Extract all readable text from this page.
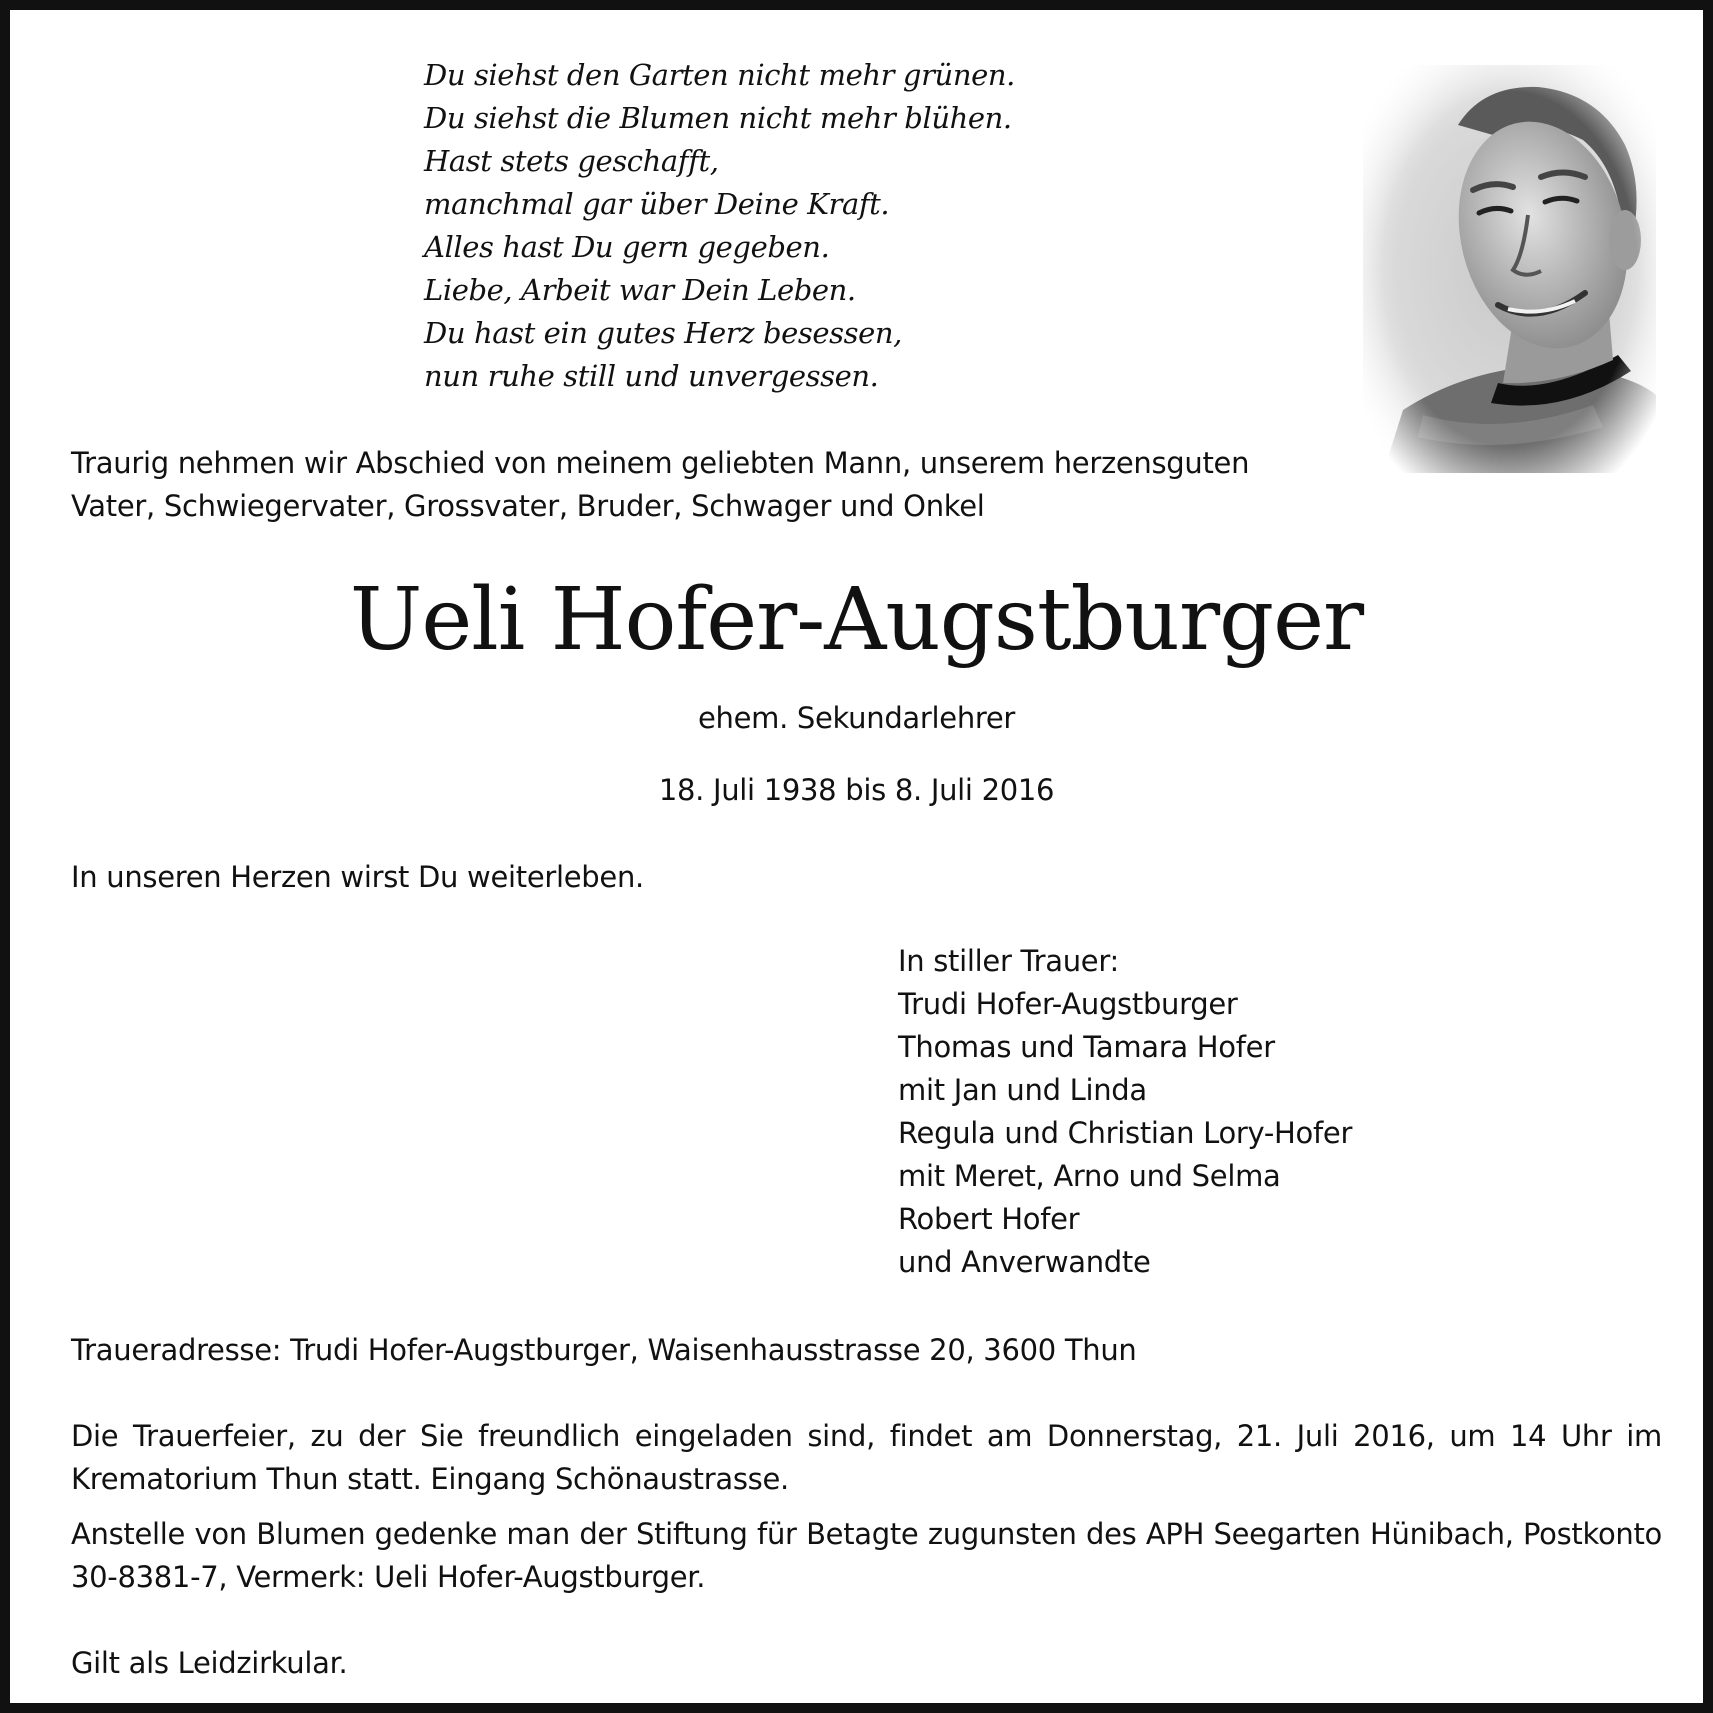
Du siehst den Garten nicht mehr grünen.
Du siehst die Blumen nicht mehr blühen.
Hast stets geschafft,
manchmal gar über Deine Kraft.
Alles hast Du gern gegeben.
Liebe, Arbeit war Dein Leben.
Du hast ein gutes Herz besessen,
nun ruhe still und unvergessen.
Traurig nehmen wir Abschied von meinem geliebten Mann, unserem herzensguten
Vater, Schwiegervater, Grossvater, Bruder, Schwager und Onkel
Ueli Hofer-Augstburger
ehem. Sekundarlehrer
18. Juli 1938 bis 8. Juli 2016
In unseren Herzen wirst Du weiterleben.
In stiller Trauer:
Trudi Hofer-Augstburger
Thomas und Tamara Hofer
mit Jan und Linda
Regula und Christian Lory-Hofer
mit Meret, Arno und Selma
Robert Hofer
und Anverwandte
Traueradresse: Trudi Hofer-Augstburger, Waisenhausstrasse 20, 3600 Thun
Die Trauerfeier, zu der Sie freundlich eingeladen sind, findet am Donnerstag, 21. Juli 2016, um 14 Uhr im Krematorium Thun statt. Eingang Schönaustrasse.
Anstelle von Blumen gedenke man der Stiftung für Betagte zugunsten des APH Seegarten Hünibach, Postkonto 30-8381-7, Vermerk: Ueli Hofer-Augstburger.
Gilt als Leidzirkular.
